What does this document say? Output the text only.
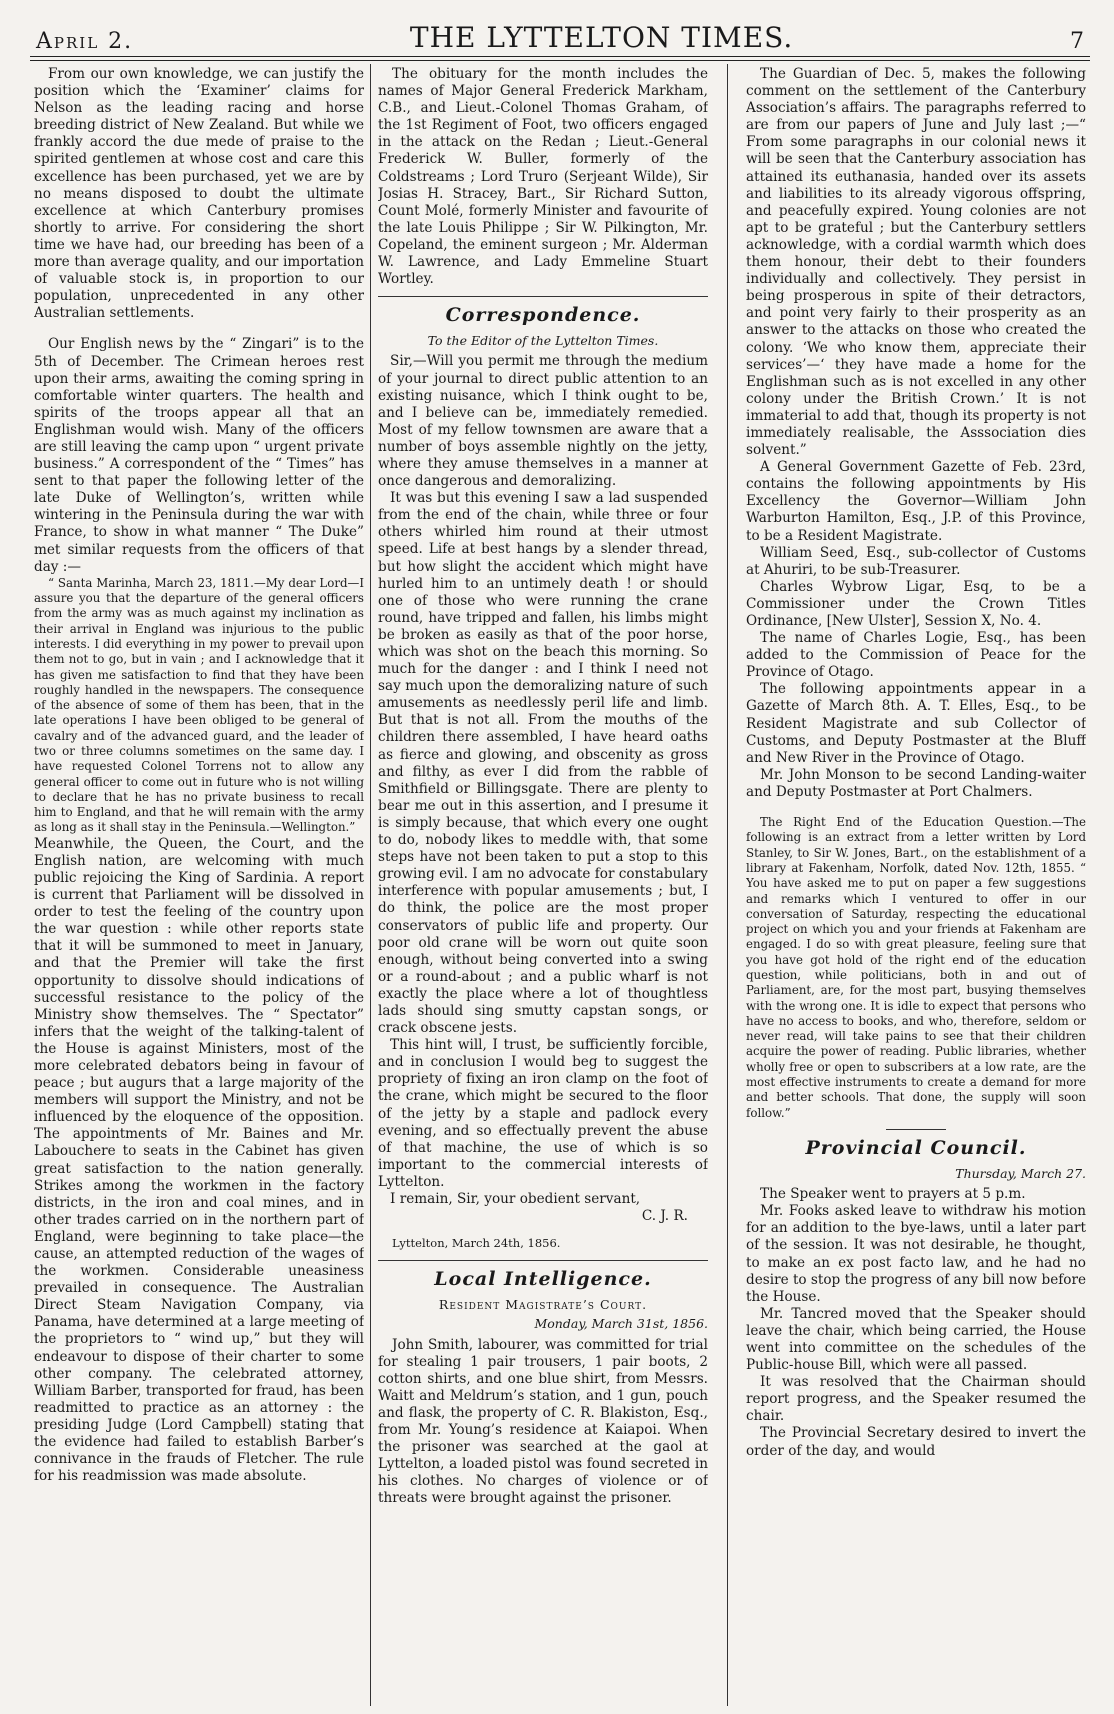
April 2.	THE LYTTELTON TIMES.	7

From our own knowledge, we can justify the position which the ‘Examiner’ claims for Nelson as the leading racing and horse breeding district of New Zealand. But while we frankly accord the due mede of praise to the spirited gentlemen at whose cost and care this excellence has been purchased, yet we are by no means disposed to doubt the ultimate excellence at which Canterbury promises shortly to arrive. For considering the short time we have had, our breeding has been of a more than average quality, and our importation of valuable stock is, in proportion to our population, unprecedented in any other Australian settlements.

Our English news by the “ Zingari” is to the 5th of December. The Crimean heroes rest upon their arms, awaiting the coming spring in comfortable winter quarters. The health and spirits of the troops appear all that an Englishman would wish. Many of the officers are still leaving the camp upon “ urgent private business.” A correspondent of the “ Times” has sent to that paper the following letter of the late Duke of Wellington’s, written while wintering in the Peninsula during the war with France, to show in what manner “ The Duke” met similar requests from the officers of that day :—

“ Santa Marinha, March 23, 1811.—My dear Lord—I assure you that the departure of the general officers from the army was as much against my inclination as their arrival in England was injurious to the public interests. I did everything in my power to prevail upon them not to go, but in vain ; and I acknowledge that it has given me satisfaction to find that they have been roughly handled in the newspapers. The consequence of the absence of some of them has been, that in the late operations I have been obliged to be general of cavalry and of the advanced guard, and the leader of two or three columns sometimes on the same day. I have requested Colonel Torrens not to allow any general officer to come out in future who is not willing to declare that he has no private business to recall him to England, and that he will remain with the army as long as it shall stay in the Peninsula.—Wellington.”

Meanwhile, the Queen, the Court, and the English nation, are welcoming with much public rejoicing the King of Sardinia. A report is current that Parliament will be dissolved in order to test the feeling of the country upon the war question : while other reports state that it will be summoned to meet in January, and that the Premier will take the first opportunity to dissolve should indications of successful resistance to the policy of the Ministry show themselves. The “ Spectator” infers that the weight of the talking-talent of the House is against Ministers, most of the more celebrated debators being in favour of peace ; but augurs that a large majority of the members will support the Ministry, and not be influenced by the eloquence of the opposition. The appointments of Mr. Baines and Mr. Labouchere to seats in the Cabinet has given great satisfaction to the nation generally. Strikes among the workmen in the factory districts, in the iron and coal mines, and in other trades carried on in the northern part of England, were beginning to take place—the cause, an attempted reduction of the wages of the workmen. Considerable uneasiness prevailed in consequence. The Australian Direct Steam Navigation Company, via Panama, have determined at a large meeting of the proprietors to “ wind up,” but they will endeavour to dispose of their charter to some other company. The celebrated attorney, William Barber, transported for fraud, has been readmitted to practice as an attorney : the presiding Judge (Lord Campbell) stating that the evidence had failed to establish Barber’s connivance in the frauds of Fletcher. The rule for his readmission was made absolute.

The obituary for the month includes the names of Major General Frederick Markham, C.B., and Lieut.-Colonel Thomas Graham, of the 1st Regiment of Foot, two officers engaged in the attack on the Redan ; Lieut.-General Frederick W. Buller, formerly of the Coldstreams ; Lord Truro (Serjeant Wilde), Sir Josias H. Stracey, Bart., Sir Richard Sutton, Count Molé, formerly Minister and favourite of the late Louis Philippe ; Sir W. Pilkington, Mr. Copeland, the eminent surgeon ; Mr. Alderman W. Lawrence, and Lady Emmeline Stuart Wortley.

Correspondence.
To the Editor of the Lyttelton Times.

Sir,—Will you permit me through the medium of your journal to direct public attention to an existing nuisance, which I think ought to be, and I believe can be, immediately remedied. Most of my fellow townsmen are aware that a number of boys assemble nightly on the jetty, where they amuse themselves in a manner at once dangerous and demoralizing.

It was but this evening I saw a lad suspended from the end of the chain, while three or four others whirled him round at their utmost speed. Life at best hangs by a slender thread, but how slight the accident which might have hurled him to an untimely death ! or should one of those who were running the crane round, have tripped and fallen, his limbs might be broken as easily as that of the poor horse, which was shot on the beach this morning. So much for the danger : and I think I need not say much upon the demoralizing nature of such amusements as needlessly peril life and limb. But that is not all. From the mouths of the children there assembled, I have heard oaths as fierce and glowing, and obscenity as gross and filthy, as ever I did from the rabble of Smithfield or Billingsgate. There are plenty to bear me out in this assertion, and I presume it is simply because, that which every one ought to do, nobody likes to meddle with, that some steps have not been taken to put a stop to this growing evil. I am no advocate for constabulary interference with popular amusements ; but, I do think, the police are the most proper conservators of public life and property. Our poor old crane will be worn out quite soon enough, without being converted into a swing or a round-about ; and a public wharf is not exactly the place where a lot of thoughtless lads should sing smutty capstan songs, or crack obscene jests.

This hint will, I trust, be sufficiently forcible, and in conclusion I would beg to suggest the propriety of fixing an iron clamp on the foot of the crane, which might be secured to the floor of the jetty by a staple and padlock every evening, and so effectually prevent the abuse of that machine, the use of which is so important to the commercial interests of Lyttelton.

I remain, Sir, your obedient servant,

C. J. R.
Lyttelton, March 24th, 1856.
Local Intelligence.
Resident Magistrate’s Court.
Monday, March 31st, 1856.

John Smith, labourer, was committed for trial for stealing 1 pair trousers, 1 pair boots, 2 cotton shirts, and one blue shirt, from Messrs. Waitt and Meldrum’s station, and 1 gun, pouch and flask, the property of C. R. Blakiston, Esq., from Mr. Young’s residence at Kaiapoi. When the prisoner was searched at the gaol at Lyttelton, a loaded pistol was found secreted in his clothes. No charges of violence or of threats were brought against the prisoner.

The Guardian of Dec. 5, makes the following comment on the settlement of the Canterbury Association’s affairs. The paragraphs referred to are from our papers of June and July last ;—“ From some paragraphs in our colonial news it will be seen that the Canterbury association has attained its euthanasia, handed over its assets and liabilities to its already vigorous offspring, and peacefully expired. Young colonies are not apt to be grateful ; but the Canterbury settlers acknowledge, with a cordial warmth which does them honour, their debt to their founders individually and collectively. They persist in being prosperous in spite of their detractors, and point very fairly to their prosperity as an answer to the attacks on those who created the colony. ‘We who know them, appreciate their services’—‘ they have made a home for the Englishman such as is not excelled in any other colony under the British Crown.’ It is not immaterial to add that, though its property is not immediately realisable, the Asssociation dies solvent.”

A General Government Gazette of Feb. 23rd, contains the following appointments by His Excellency the Governor—William John Warburton Hamilton, Esq., J.P. of this Province, to be a Resident Magistrate.

William Seed, Esq., sub-collector of Customs at Ahuriri, to be sub-Treasurer.

Charles Wybrow Ligar, Esq, to be a Commissioner under the Crown Titles Ordinance, [New Ulster], Session X, No. 4.

The name of Charles Logie, Esq., has been added to the Commission of Peace for the Province of Otago.

The following appointments appear in a Gazette of March 8th. A. T. Elles, Esq., to be Resident Magistrate and sub Collector of Customs, and Deputy Postmaster at the Bluff and New River in the Province of Otago.

Mr. John Monson to be second Landing-waiter and Deputy Postmaster at Port Chalmers.

The Right End of the Education Question.—The following is an extract from a letter written by Lord Stanley, to Sir W. Jones, Bart., on the establishment of a library at Fakenham, Norfolk, dated Nov. 12th, 1855. “ You have asked me to put on paper a few suggestions and remarks which I ventured to offer in our conversation of Saturday, respecting the educational project on which you and your friends at Fakenham are engaged. I do so with great pleasure, feeling sure that you have got hold of the right end of the education question, while politicians, both in and out of Parliament, are, for the most part, busying themselves with the wrong one. It is idle to expect that persons who have no access to books, and who, therefore, seldom or never read, will take pains to see that their children acquire the power of reading. Public libraries, whether wholly free or open to subscribers at a low rate, are the most effective instruments to create a demand for more and better schools. That done, the supply will soon follow.”

Provincial Council.
Thursday, March 27.

The Speaker went to prayers at 5 p.m.

Mr. Fooks asked leave to withdraw his motion for an addition to the bye-laws, until a later part of the session. It was not desirable, he thought, to make an ex post facto law, and he had no desire to stop the progress of any bill now before the House.

Mr. Tancred moved that the Speaker should leave the chair, which being carried, the House went into committee on the schedules of the Public-house Bill, which were all passed.

It was resolved that the Chairman should report progress, and the Speaker resumed the chair.

The Provincial Secretary desired to invert the order of the day, and would
